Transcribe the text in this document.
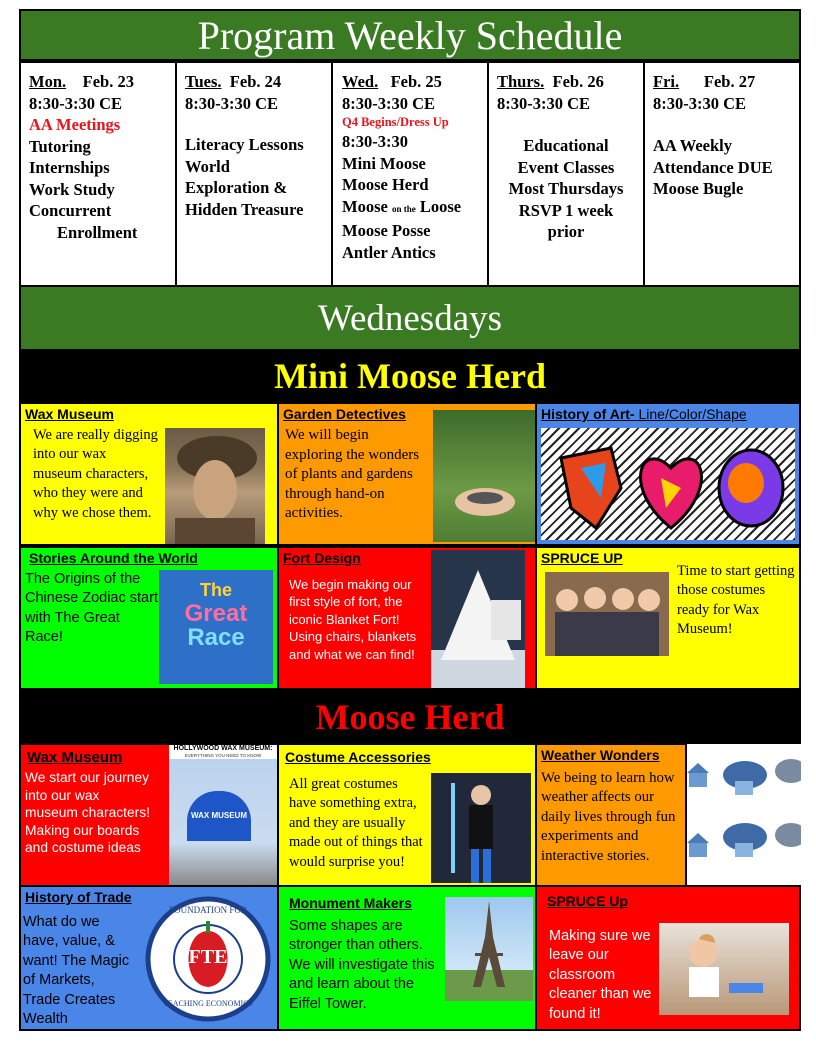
Program Weekly Schedule
Mon. Feb. 23
8:30-3:30 CE
AA Meetings
Tutoring
Internships
Work Study
Concurrent
Enrollment
Tues. Feb. 24
8:30-3:30 CE
Literacy Lessons
World
Exploration &
Hidden Treasure
Wed. Feb. 25
8:30-3:30 CE
Q4 Begins/Dress Up
8:30-3:30
Mini Moose
Moose Herd
Moose on the Loose
Moose Posse
Antler Antics
Thurs. Feb. 26
8:30-3:30 CE
Educational
Event Classes
Most Thursdays
RSVP 1 week
prior
Fri. Feb. 27
8:30-3:30 CE
AA Weekly
Attendance DUE
Moose Bugle
Wednesdays
Mini Moose Herd
Wax Museum
We are really digging into our wax museum characters, who they were and why we chose them.
Garden Detectives
We will begin exploring the wonders of plants and gardens through hand-on activities.
History of Art- Line/Color/Shape
Stories Around the World
The Origins of the Chinese Zodiac start with The Great Race!
The
Great
Race
Fort Design
We begin making our first style of fort, the iconic Blanket Fort! Using chairs, blankets and what we can find!
SPRUCE UP
Time to start getting those costumes ready for Wax Museum!
Moose Herd
Wax Museum
We start our journey into our wax museum characters! Making our boards and costume ideas
HOLLYWOOD WAX MUSEUM:
EVERYTHING YOU NEED TO KNOW
WAX MUSEUM
Costume Accessories
All great costumes have something extra, and they are usually made out of things that would surprise you!
Weather Wonders
We being to learn how weather affects our daily lives through fun experiments and interactive stories.
History of Trade
What do we have, value, & want! The Magic of Markets, Trade Creates Wealth
FTE
FOUNDATION FOR
TEACHING ECONOMICS
Monument Makers
Some shapes are stronger than others. We will investigate this and learn about the Eiffel Tower.
SPRUCE Up
Making sure we leave our classroom cleaner than we found it!
